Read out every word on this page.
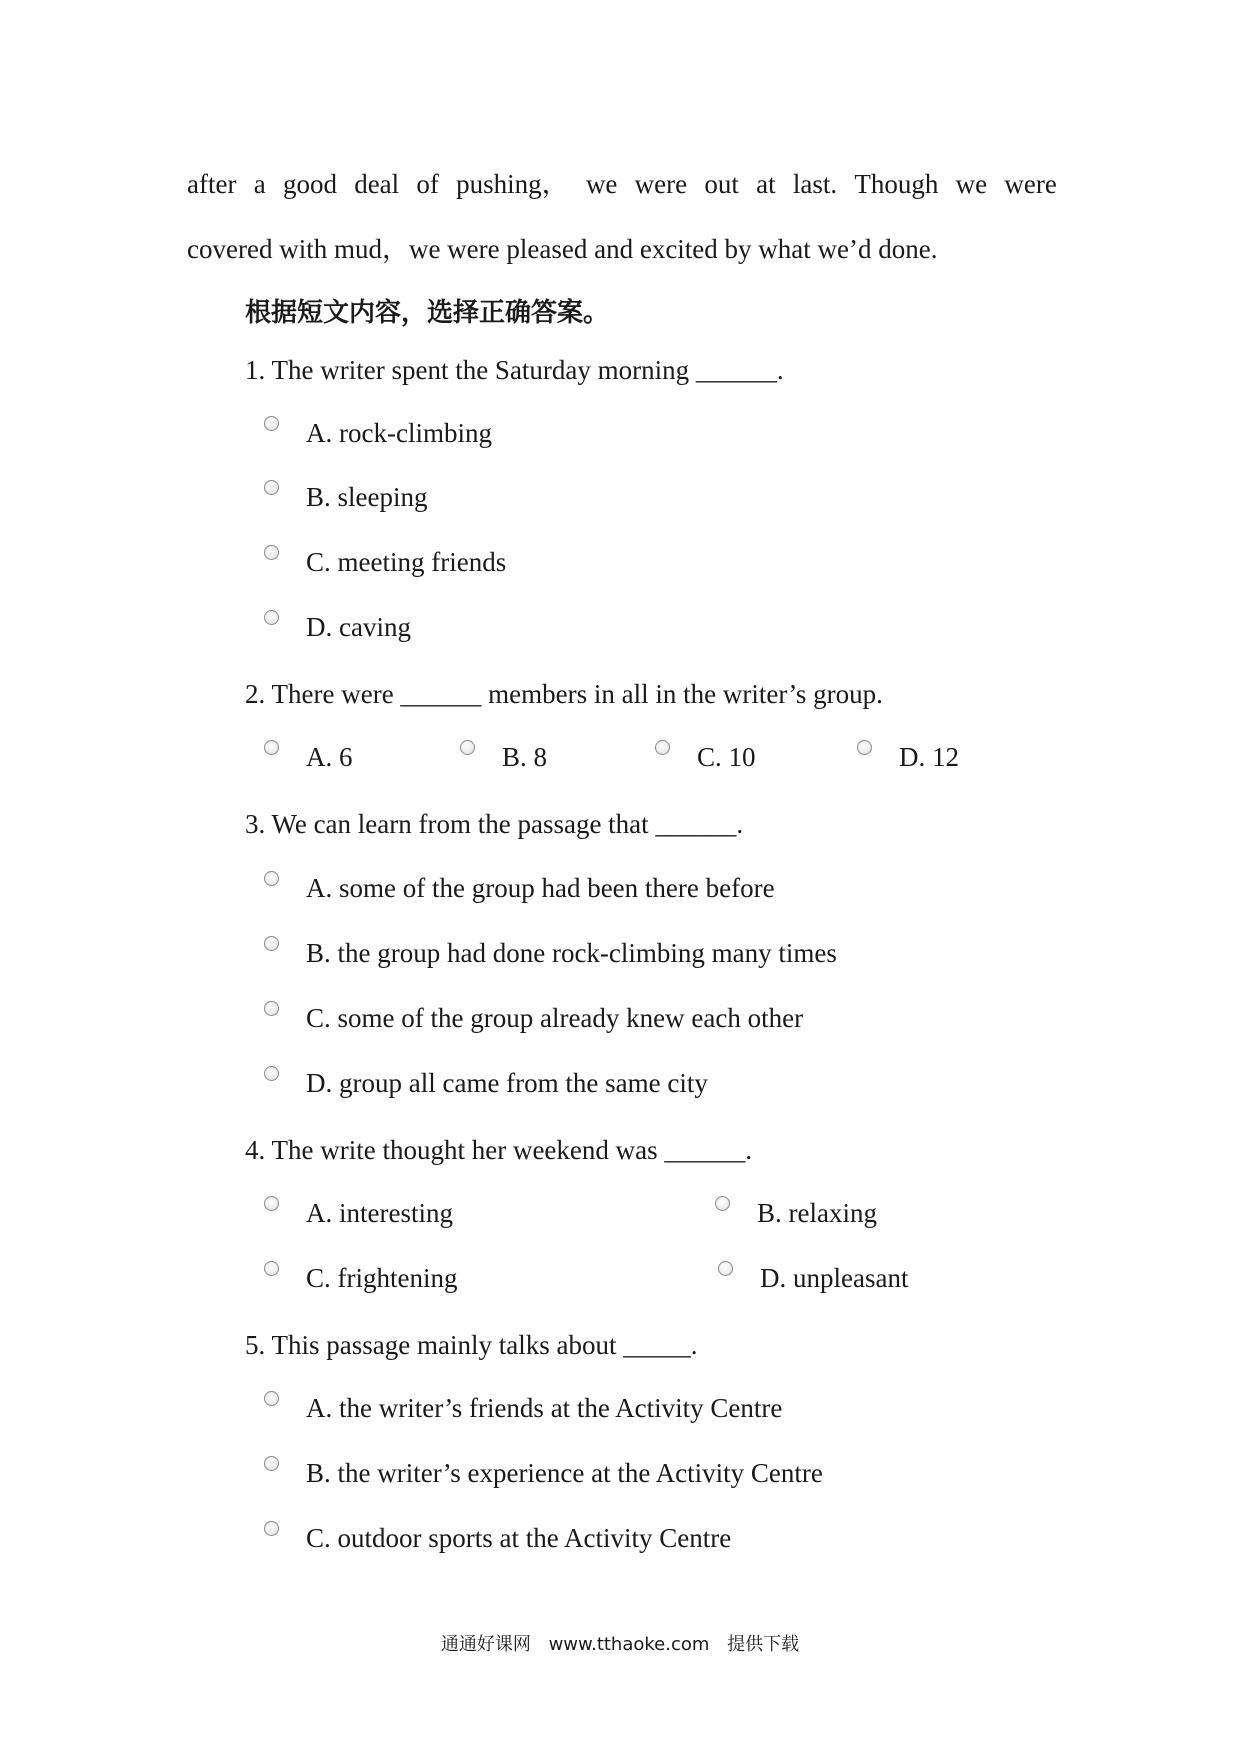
after a good deal of pushing， we were out at last. Though we were
covered with mud，we were pleased and excited by what we’d done.
根据短文内容，选择正确答案。
1. The writer spent the Saturday morning ______.
A. rock-climbing
B. sleeping
C. meeting friends
D. caving
2. There were ______ members in all in the writer’s group.
A. 6	B. 8	C. 10	D. 12
3. We can learn from the passage that ______.
A. some of the group had been there before
B. the group had done rock-climbing many times
C. some of the group already knew each other
D. group all came from the same city
4. The write thought her weekend was ______.
A. interesting	B. relaxing
C. frightening	D. unpleasant
5. This passage mainly talks about _____.
A. the writer’s friends at the Activity Centre
B. the writer’s experience at the Activity Centre
C. outdoor sports at the Activity Centre
通通好课网 www.tthaoke.com 提供下载
